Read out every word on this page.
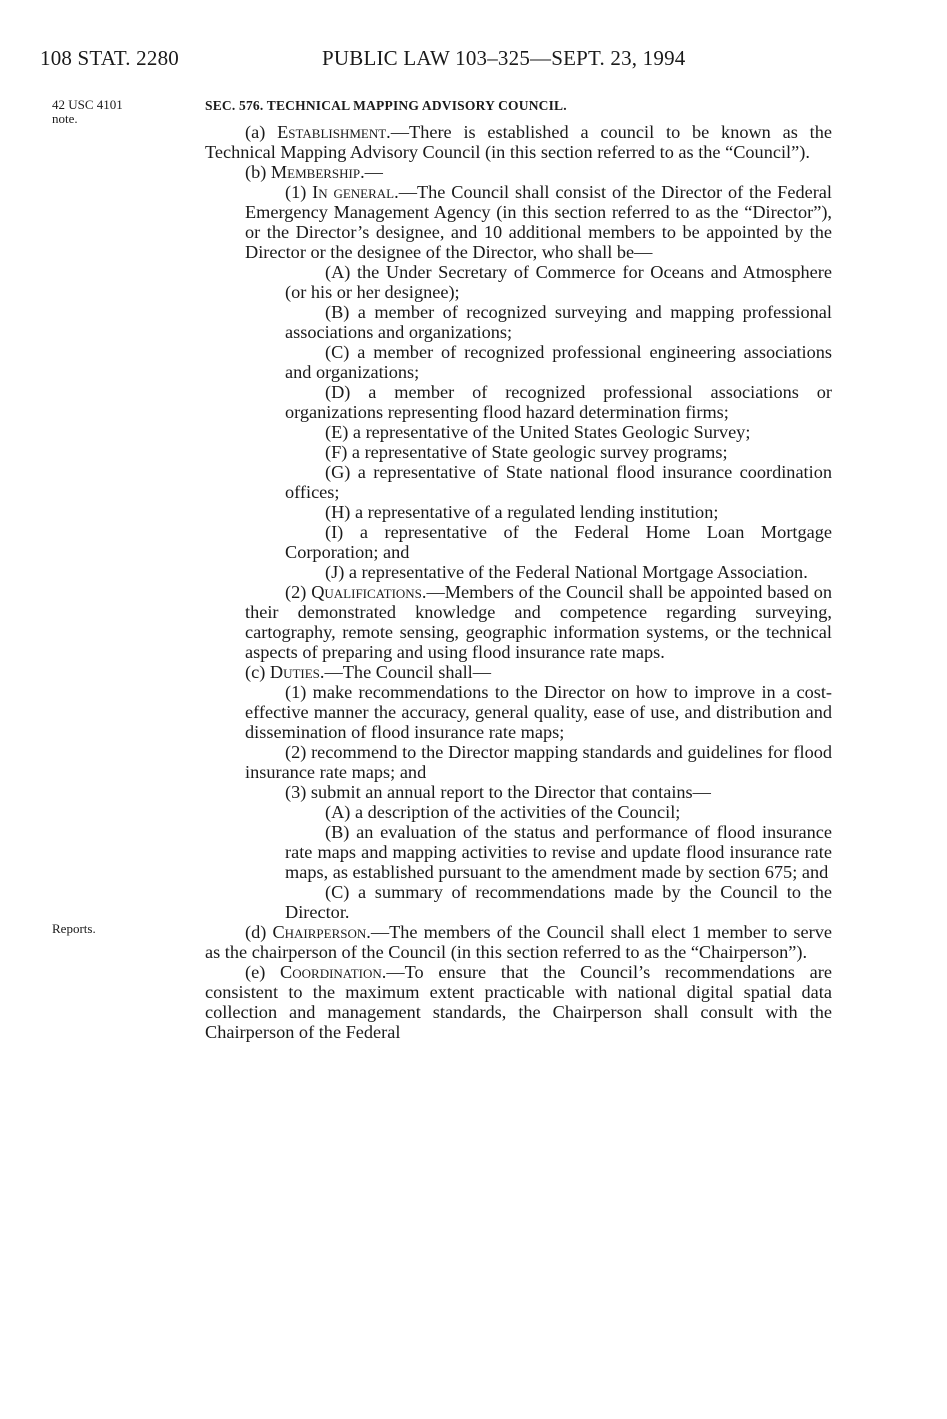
108 STAT. 2280	PUBLIC LAW 103–325—SEPT. 23, 1994
42 USC 4101
note.
Reports.

SEC. 576. TECHNICAL MAPPING ADVISORY COUNCIL.

(a) Establishment.—There is established a council to be known as the Technical Mapping Advisory Council (in this section referred to as the “Council”).

(b) Membership.—

(1) In general.—The Council shall consist of the Director of the Federal Emergency Management Agency (in this section referred to as the “Director”), or the Director’s designee, and 10 additional members to be appointed by the Director or the designee of the Director, who shall be—

(A) the Under Secretary of Commerce for Oceans and Atmosphere (or his or her designee);

(B) a member of recognized surveying and mapping professional associations and organizations;

(C) a member of recognized professional engineering associations and organizations;

(D) a member of recognized professional associations or organizations representing flood hazard determination firms;

(E) a representative of the United States Geologic Survey;

(F) a representative of State geologic survey programs;

(G) a representative of State national flood insurance coordination offices;

(H) a representative of a regulated lending institution;

(I) a representative of the Federal Home Loan Mortgage Corporation; and

(J) a representative of the Federal National Mortgage Association.

(2) Qualifications.—Members of the Council shall be appointed based on their demonstrated knowledge and competence regarding surveying, cartography, remote sensing, geographic information systems, or the technical aspects of preparing and using flood insurance rate maps.

(c) Duties.—The Council shall—

(1) make recommendations to the Director on how to improve in a cost-effective manner the accuracy, general quality, ease of use, and distribution and dissemination of flood insurance rate maps;

(2) recommend to the Director mapping standards and guidelines for flood insurance rate maps; and

(3) submit an annual report to the Director that contains—

(A) a description of the activities of the Council;

(B) an evaluation of the status and performance of flood insurance rate maps and mapping activities to revise and update flood insurance rate maps, as established pursuant to the amendment made by section 675; and

(C) a summary of recommendations made by the Council to the Director.

(d) Chairperson.—The members of the Council shall elect 1 member to serve as the chairperson of the Council (in this section referred to as the “Chairperson”).

(e) Coordination.—To ensure that the Council’s recommendations are consistent to the maximum extent practicable with national digital spatial data collection and management standards, the Chairperson shall consult with the Chairperson of the Federal
